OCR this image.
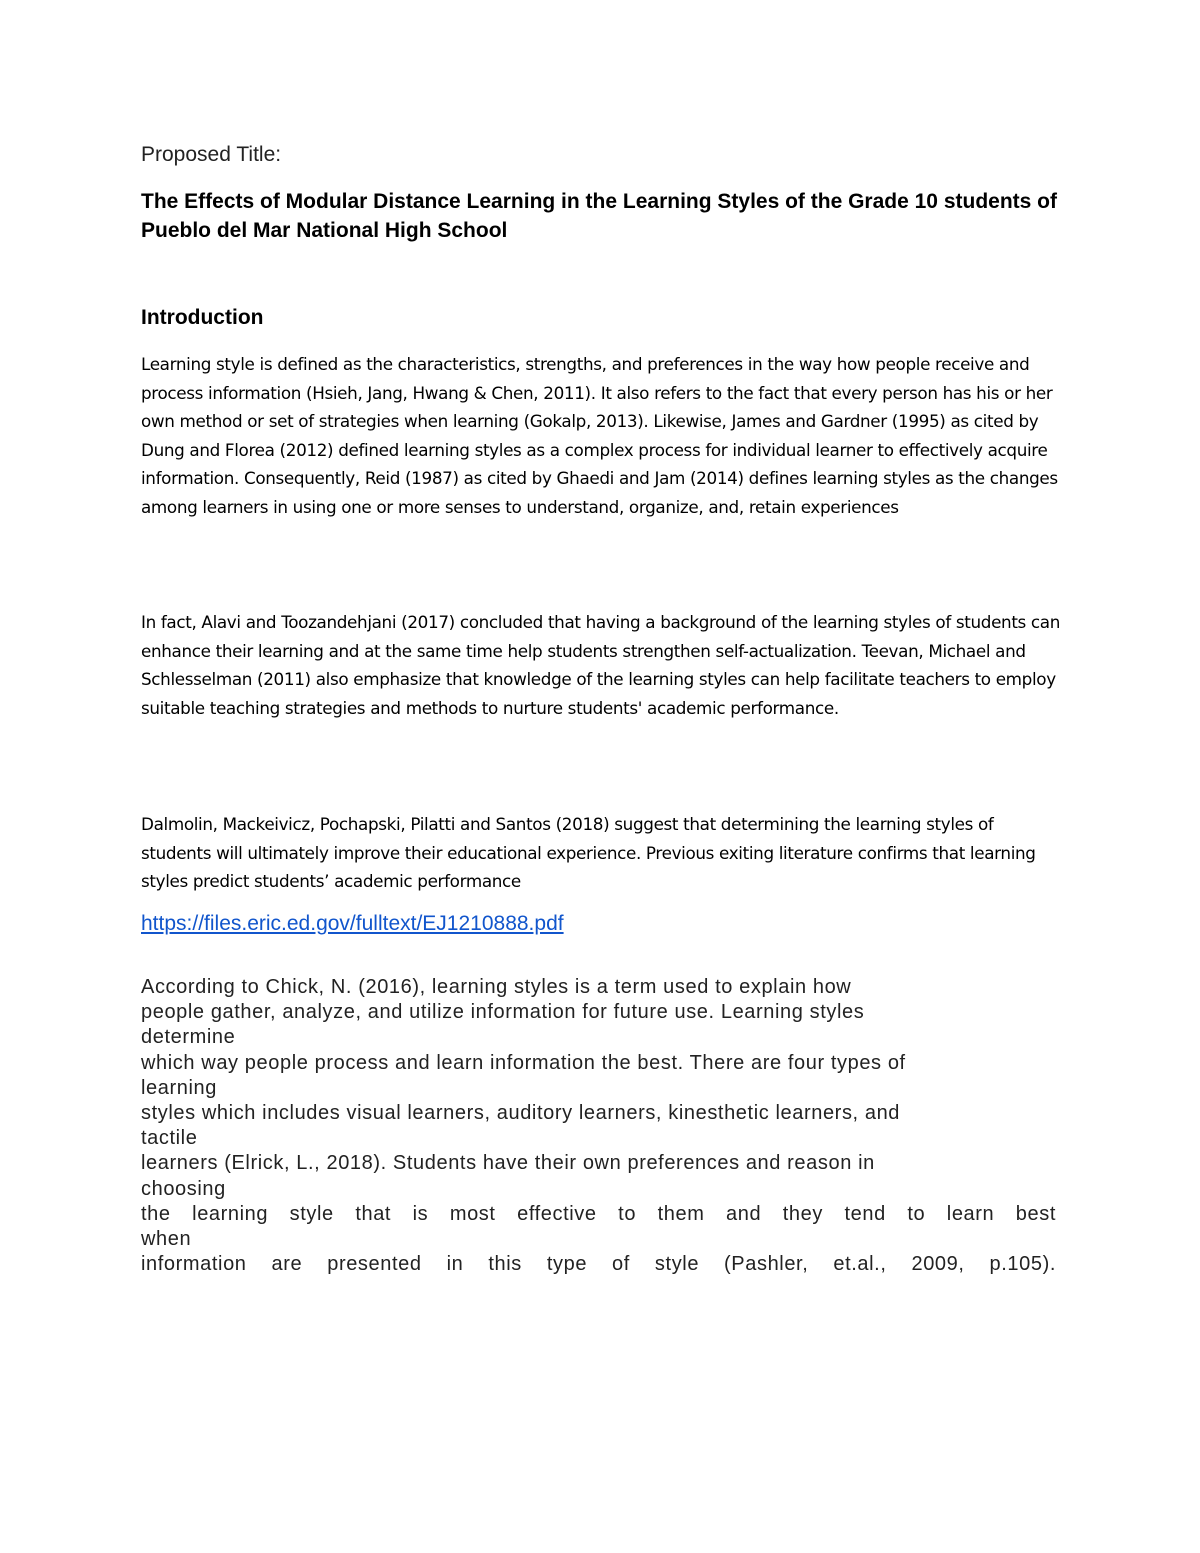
Proposed Title:
The Effects of Modular Distance Learning in the Learning Styles of the Grade 10 students of Pueblo del Mar National High School
Introduction
Learning style is defined as the characteristics, strengths, and preferences in the way how people receive and process information (Hsieh, Jang, Hwang & Chen, 2011). It also refers to the fact that every person has his or her own method or set of strategies when learning (Gokalp, 2013). Likewise, James and Gardner (1995) as cited by Dung and Florea (2012) defined learning styles as a complex process for individual learner to effectively acquire information. Consequently, Reid (1987) as cited by Ghaedi and Jam (2014) defines learning styles as the changes among learners in using one or more senses to understand, organize, and, retain experiences
In fact, Alavi and Toozandehjani (2017) concluded that having a background of the learning styles of students can enhance their learning and at the same time help students strengthen self-actualization. Teevan, Michael and Schlesselman (2011) also emphasize that knowledge of the learning styles can help facilitate teachers to employ suitable teaching strategies and methods to nurture students' academic performance.
Dalmolin, Mackeivicz, Pochapski, Pilatti and Santos (2018) suggest that determining the learning styles of students will ultimately improve their educational experience. Previous exiting literature confirms that learning styles predict students’ academic performance
https://files.eric.ed.gov/fulltext/EJ1210888.pdf
According to Chick, N. (2016), learning styles is a term used to explain how
people gather, analyze, and utilize information for future use. Learning styles
determine
which way people process and learn information the best. There are four types of
learning
styles which includes visual learners, auditory learners, kinesthetic learners, and
tactile
learners (Elrick, L., 2018). Students have their own preferences and reason in
choosing
the learning style that is most effective to them and they tend to learn best
when
information are presented in this type of style (Pashler, et.al., 2009, p.105).
